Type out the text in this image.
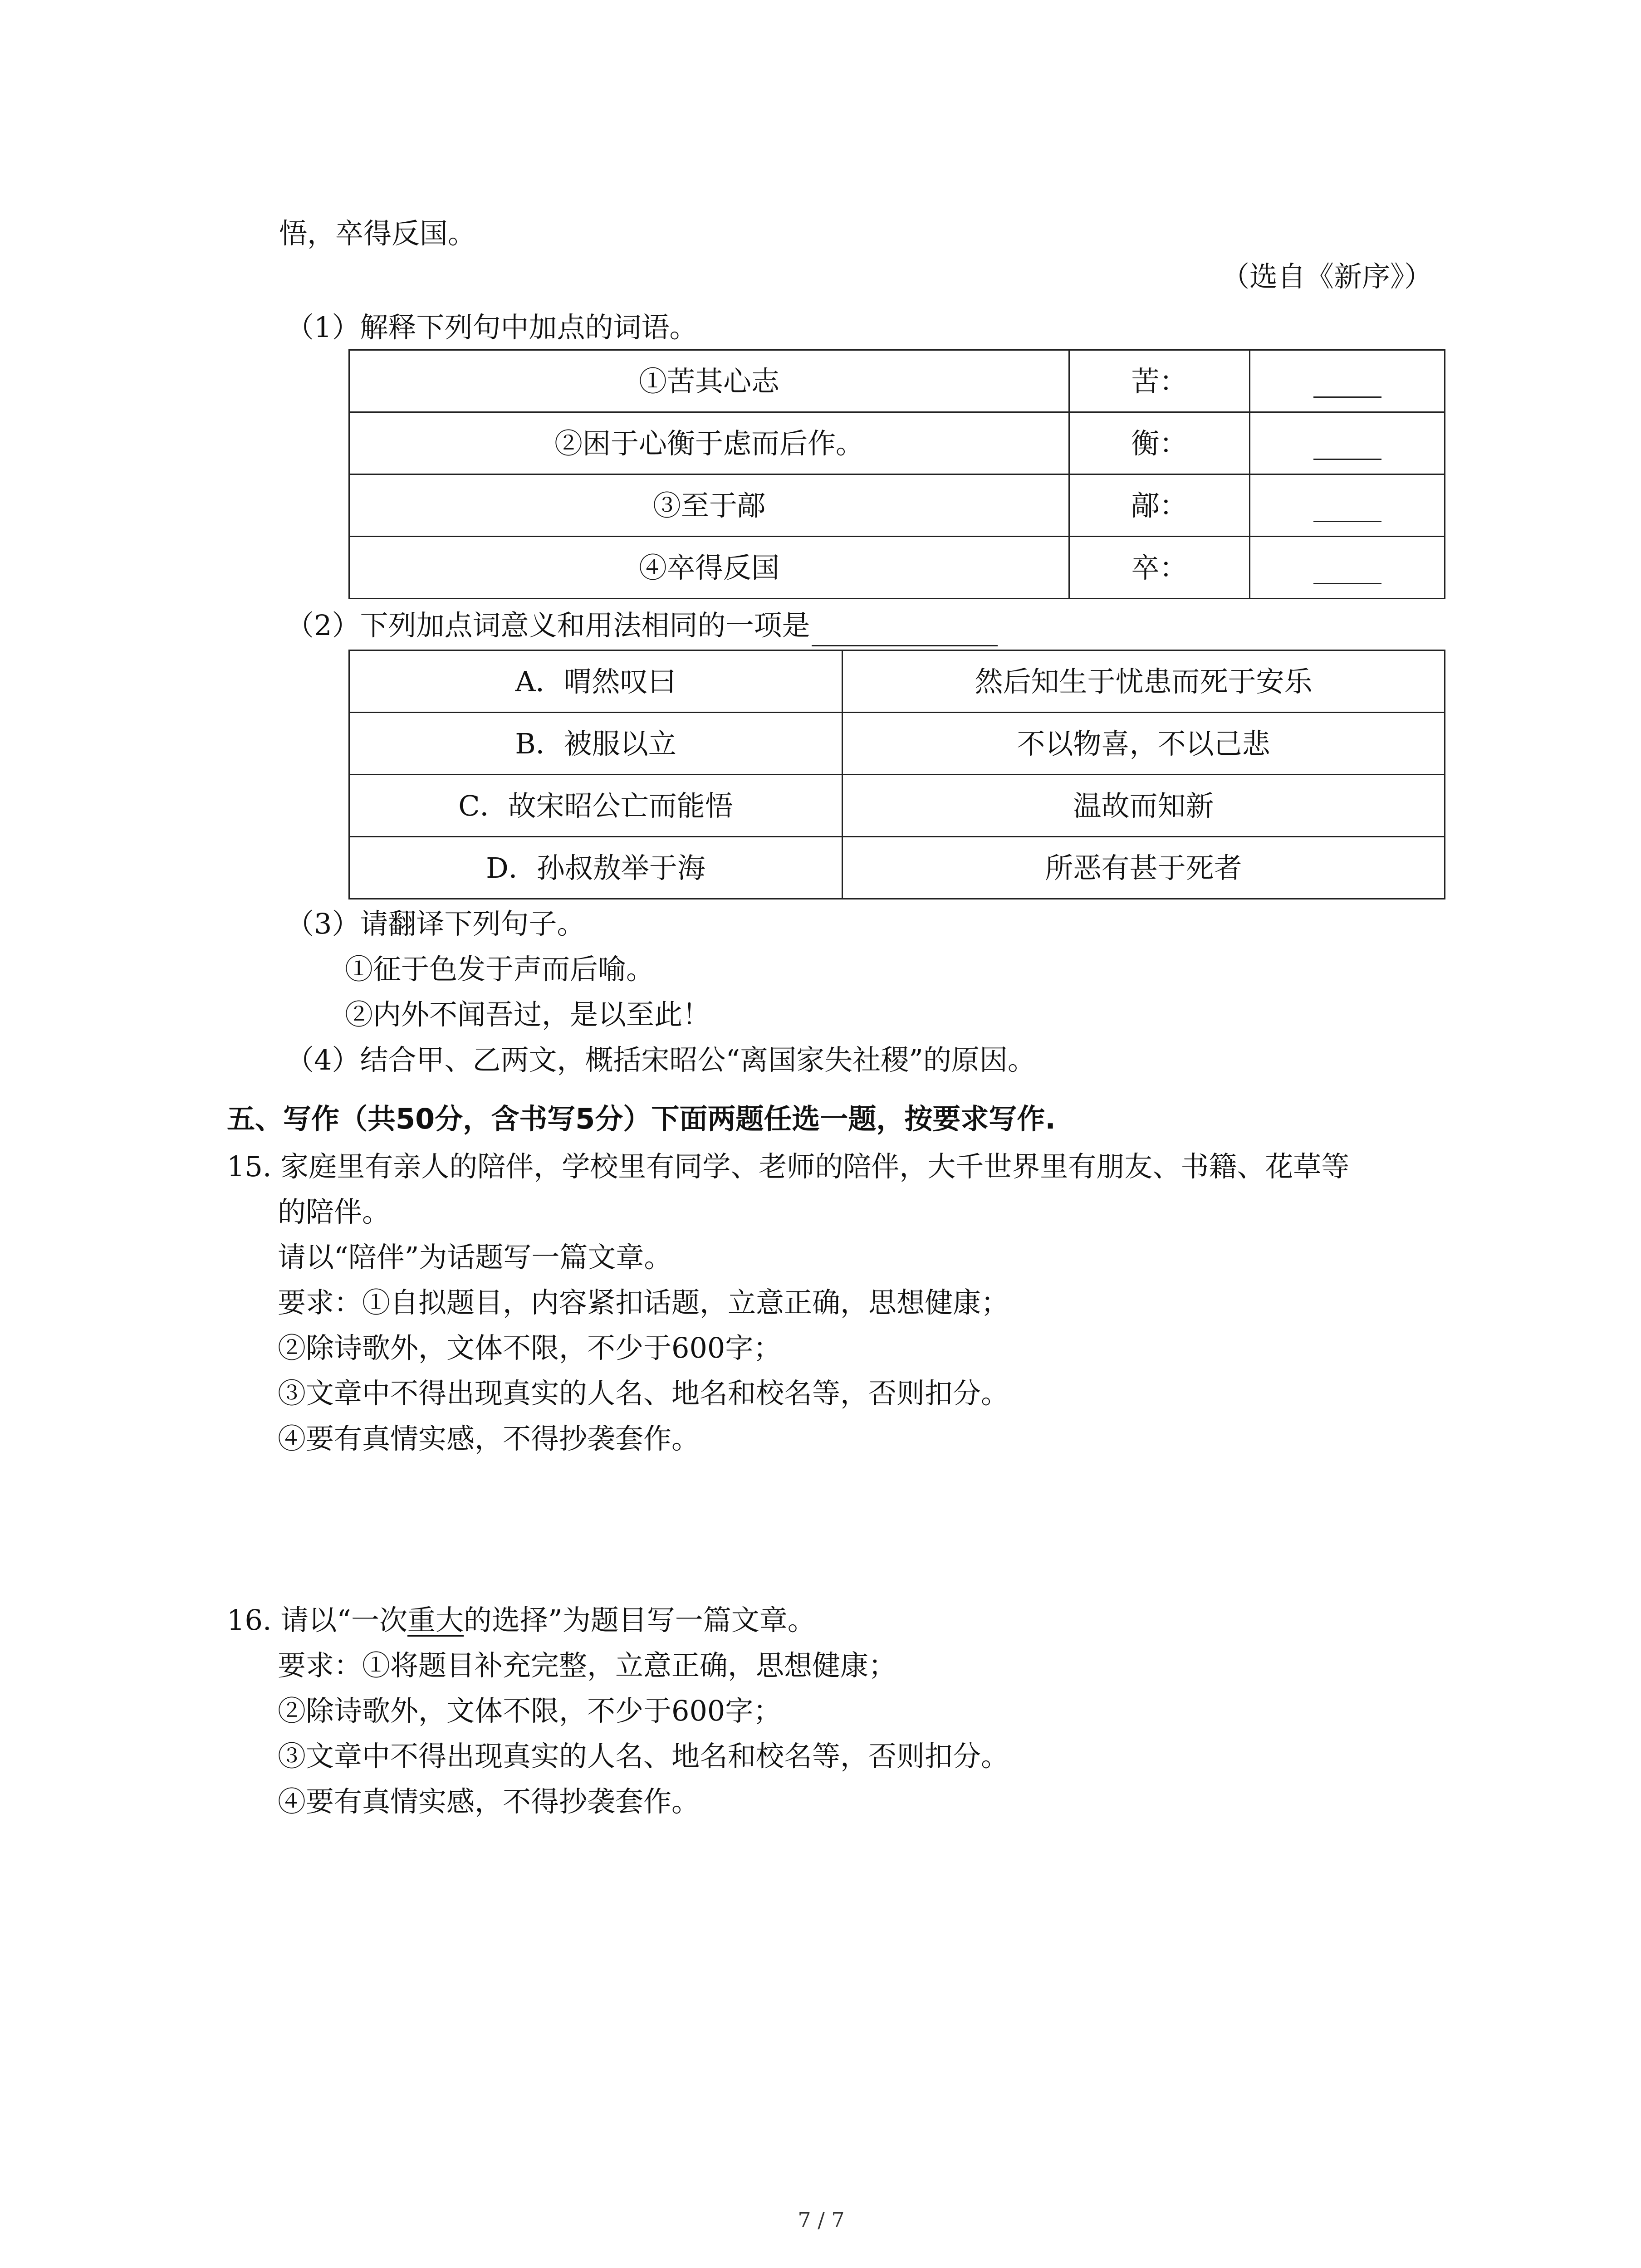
悟，卒得反国。
（选自《新序》）
（1）解释下列句中加点的词语。
①苦其心志	苦：	
②困于心衡于虑而后作。	衡：	
③至于鄗	鄗：	
④卒得反国	卒：	
（2）下列加点词意义和用法相同的一项是
A．喟然叹曰	然后知生于忧患而死于安乐
B．被服以立	不以物喜，不以己悲
C．故宋昭公亡而能悟	温故而知新
D．孙叔敖举于海	所恶有甚于死者
（3）请翻译下列句子。
①征于色发于声而后喻。
②内外不闻吾过，是以至此！
（4）结合甲、乙两文，概括宋昭公“离国家失社稷”的原因。
五、写作（共50分，含书写5分）下面两题任选一题，按要求写作.
15. 家庭里有亲人的陪伴，学校里有同学、老师的陪伴，大千世界里有朋友、书籍、花草等
的陪伴。
请以“陪伴”为话题写一篇文章。
要求：①自拟题目，内容紧扣话题，立意正确，思想健康；
②除诗歌外，文体不限，不少于600字；
③文章中不得出现真实的人名、地名和校名等，否则扣分。
④要有真情实感，不得抄袭套作。
16. 请以“一次重大的选择”为题目写一篇文章。
要求：①将题目补充完整，立意正确，思想健康；
②除诗歌外，文体不限，不少于600字；
③文章中不得出现真实的人名、地名和校名等，否则扣分。
④要有真情实感，不得抄袭套作。
7 / 7
